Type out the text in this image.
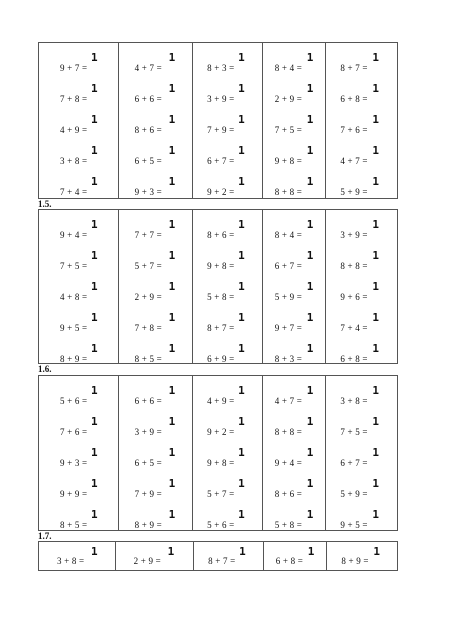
9 + 7 =
1
7 + 8 =
1
4 + 9 =
1
3 + 8 =
1
7 + 4 =
1
4 + 7 =
1
6 + 6 =
1
8 + 6 =
1
6 + 5 =
1
9 + 3 =
1
8 + 3 =
1
3 + 9 =
1
7 + 9 =
1
6 + 7 =
1
9 + 2 =
1
8 + 4 =
1
2 + 9 =
1
7 + 5 =
1
9 + 8 =
1
8 + 8 =
1
8 + 7 =
1
6 + 8 =
1
7 + 6 =
1
4 + 7 =
1
5 + 9 =
1
1.5.
9 + 4 =
1
7 + 5 =
1
4 + 8 =
1
9 + 5 =
1
8 + 9 =
1
7 + 7 =
1
5 + 7 =
1
2 + 9 =
1
7 + 8 =
1
8 + 5 =
1
8 + 6 =
1
9 + 8 =
1
5 + 8 =
1
8 + 7 =
1
6 + 9 =
1
8 + 4 =
1
6 + 7 =
1
5 + 9 =
1
9 + 7 =
1
8 + 3 =
1
3 + 9 =
1
8 + 8 =
1
9 + 6 =
1
7 + 4 =
1
6 + 8 =
1
1.6.
5 + 6 =
1
7 + 6 =
1
9 + 3 =
1
9 + 9 =
1
8 + 5 =
1
6 + 6 =
1
3 + 9 =
1
6 + 5 =
1
7 + 9 =
1
8 + 9 =
1
4 + 9 =
1
9 + 2 =
1
9 + 8 =
1
5 + 7 =
1
5 + 6 =
1
4 + 7 =
1
8 + 8 =
1
9 + 4 =
1
8 + 6 =
1
5 + 8 =
1
3 + 8 =
1
7 + 5 =
1
6 + 7 =
1
5 + 9 =
1
9 + 5 =
1
1.7.
3 + 8 =
1
2 + 9 =
1
8 + 7 =
1
6 + 8 =
1
8 + 9 =
1
